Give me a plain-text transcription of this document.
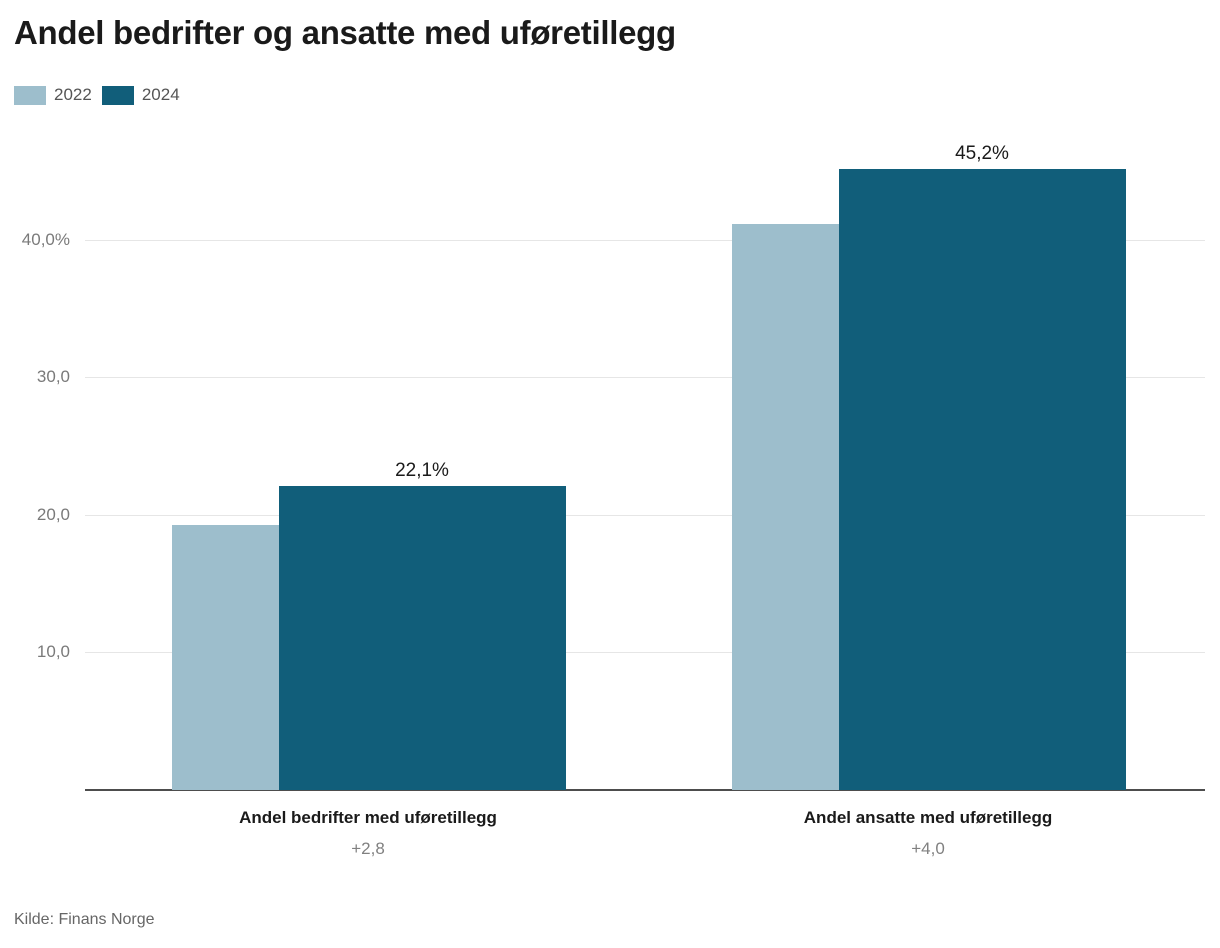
Andel bedrifter og ansatte med uføretillegg
2022	2024
10,0
20,0
30,0
40,0%
22,1%
45,2%
Andel bedrifter med uføretillegg
+2,8
Andel ansatte med uføretillegg
+4,0
Kilde: Finans Norge
